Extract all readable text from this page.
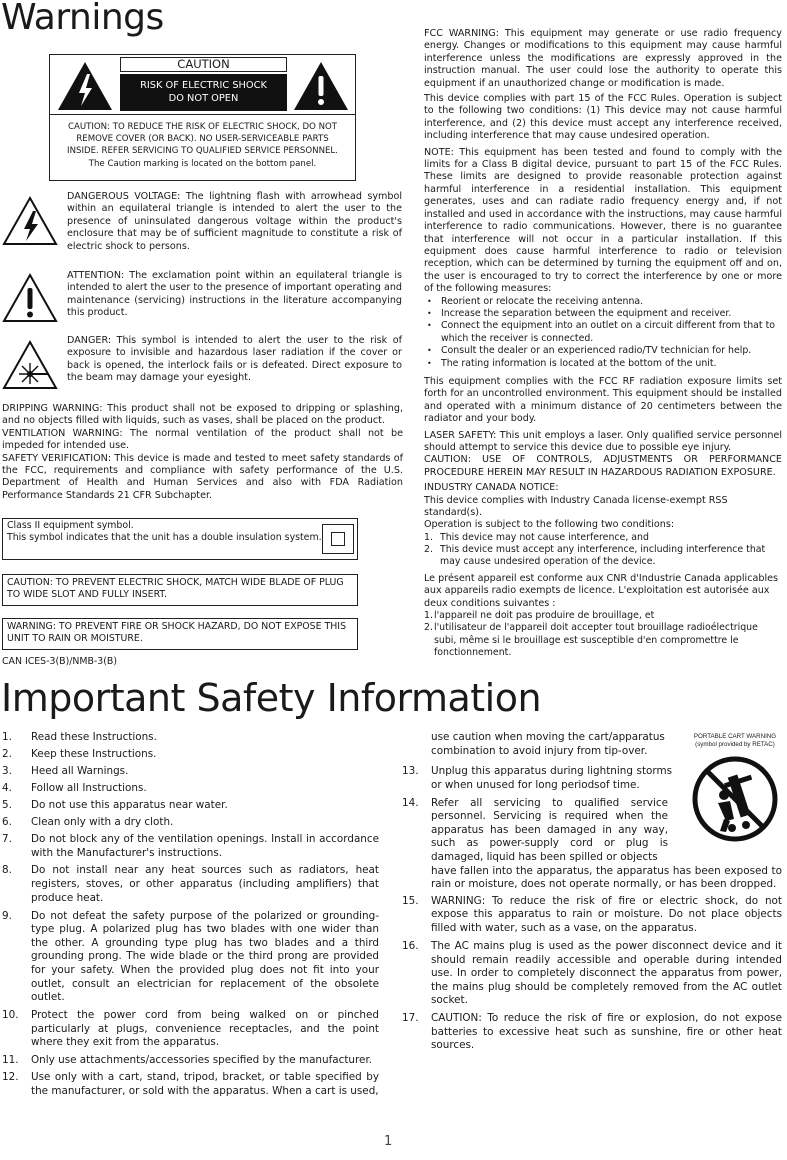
Warnings
CAUTION
RISK OF ELECTRIC SHOCK
DO NOT OPEN
CAUTION: TO REDUCE THE RISK OF ELECTRIC SHOCK, DO NOT
REMOVE COVER (OR BACK). NO USER-SERVICEABLE PARTS
INSIDE. REFER SERVICING TO QUALIFIED SERVICE PERSONNEL.
The Caution marking is located on the bottom panel.

DANGEROUS VOLTAGE: The lightning flash with arrowhead symbol within an equilateral triangle is intended to alert the user to the presence of uninsulated dangerous voltage within the product's enclosure that may be of sufficient magnitude to constitute a risk of electric shock to persons.

ATTENTION: The exclamation point within an equilateral triangle is intended to alert the user to the presence of important operating and maintenance (servicing) instructions in the literature accompanying this product.

DANGER: This symbol is intended to alert the user to the risk of exposure to invisible and hazardous laser radiation if the cover or back is opened, the interlock fails or is defeated. Direct exposure to the beam may damage your eyesight.

DRIPPING WARNING: This product shall not be exposed to dripping or splashing, and no objects filled with liquids, such as vases, shall be placed on the product.

VENTILATION WARNING: The normal ventilation of the product shall not be impeded for intended use.

SAFETY VERIFICATION: This device is made and tested to meet safety standards of the FCC, requirements and compliance with safety performance of the U.S. Department of Health and Human Services and also with FDA Radiation Performance Standards 21 CFR Subchapter.

Class II equipment symbol.
This symbol indicates that the unit has a double insulation system.
CAUTION: TO PREVENT ELECTRIC SHOCK, MATCH WIDE BLADE OF PLUG TO WIDE SLOT AND FULLY INSERT.
WARNING: TO PREVENT FIRE OR SHOCK HAZARD, DO NOT EXPOSE THIS UNIT TO RAIN OR MOISTURE.
CAN ICES-3(B)/NMB-3(B)

FCC WARNING: This equipment may generate or use radio frequency energy. Changes or modifications to this equipment may cause harmful interference unless the modifications are expressly approved in the instruction manual. The user could lose the authority to operate this equipment if an unauthorized change or modification is made.

This device complies with part 15 of the FCC Rules. Operation is subject to the following two conditions: (1) This device may not cause harmful interference, and (2) this device must accept any interference received, including interference that may cause undesired operation.

NOTE: This equipment has been tested and found to comply with the limits for a Class B digital device, pursuant to part 15 of the FCC Rules. These limits are designed to provide reasonable protection against harmful interference in a residential installation. This equipment generates, uses and can radiate radio frequency energy and, if not installed and used in accordance with the instructions, may cause harmful interference to radio communications. However, there is no guarantee that interference will not occur in a particular installation. If this equipment does cause harmful interference to radio or television reception, which can be determined by turning the equipment off and on, the user is encouraged to try to correct the interference by one or more of the following measures:

• Reorient or relocate the receiving antenna.
• Increase the separation between the equipment and receiver.
• Connect the equipment into an outlet on a circuit different from that to which the receiver is connected.
• Consult the dealer or an experienced radio/TV technician for help.
• The rating information is located at the bottom of the unit.

This equipment complies with the FCC RF radiation exposure limits set forth for an uncontrolled environment. This equipment should be installed and operated with a minimum distance of 20 centimeters between the radiator and your body.

LASER SAFETY: This unit employs a laser. Only qualified service personnel should attempt to service this device due to possible eye injury.

CAUTION: USE OF CONTROLS, ADJUSTMENTS OR PERFORMANCE PROCEDURE HEREIN MAY RESULT IN HAZARDOUS RADIATION EXPOSURE.

INDUSTRY CANADA NOTICE:
This device complies with Industry Canada license-exempt RSS standard(s).
Operation is subject to the following two conditions:
1. This device may not cause interference, and
2. This device must accept any interference, including interference that may cause undesired operation of the device.

Le présent appareil est conforme aux CNR d'Industrie Canada applicables aux appareils radio exempts de licence. L'exploitation est autorisée aux deux conditions suivantes :

1. l'appareil ne doit pas produire de brouillage, et
2. l'utilisateur de l'appareil doit accepter tout brouillage radioélectrique subi, même si le brouillage est susceptible d'en compromettre le fonctionnement.
Important Safety Information
1. Read these Instructions.
2. Keep these Instructions.
3. Heed all Warnings.
4. Follow all Instructions.
5. Do not use this apparatus near water.
6. Clean only with a dry cloth.
7. Do not block any of the ventilation openings. Install in accordance with the Manufacturer's instructions.
8. Do not install near any heat sources such as radiators, heat registers, stoves, or other apparatus (including amplifiers) that produce heat.
9. Do not defeat the safety purpose of the polarized or grounding-type plug. A polarized plug has two blades with one wider than the other. A grounding type plug has two blades and a third grounding prong. The wide blade or the third prong are provided for your safety. When the provided plug does not fit into your outlet, consult an electrician for replacement of the obsolete outlet.
10. Protect the power cord from being walked on or pinched particularly at plugs, convenience receptacles, and the point where they exit from the apparatus.
11. Only use attachments/accessories specified by the manufacturer.
12. Use only with a cart, stand, tripod, bracket, or table specified by the manufacturer, or sold with the apparatus. When a cart is used,
use caution when moving the cart/apparatus combination to avoid injury from tip-over.
PORTABLE CART WARNING
(symbol provided by RETAC)
13. Unplug this apparatus during lightning storms or when unused for long periodsof time.
14. Refer all servicing to qualified service personnel. Servicing is required when the apparatus has been damaged in any way, such as power-supply cord or plug is damaged, liquid has been spilled or objects
have fallen into the apparatus, the apparatus has been exposed to rain or moisture, does not operate normally, or has been dropped.
15. WARNING: To reduce the risk of fire or electric shock, do not expose this apparatus to rain or moisture. Do not place objects filled with water, such as a vase, on the apparatus.
16. The AC mains plug is used as the power disconnect device and it should remain readily accessible and operable during intended use. In order to completely disconnect the apparatus from power, the mains plug should be completely removed from the AC outlet socket.
17. CAUTION: To reduce the risk of fire or explosion, do not expose batteries to excessive heat such as sunshine, fire or other heat sources.
1
